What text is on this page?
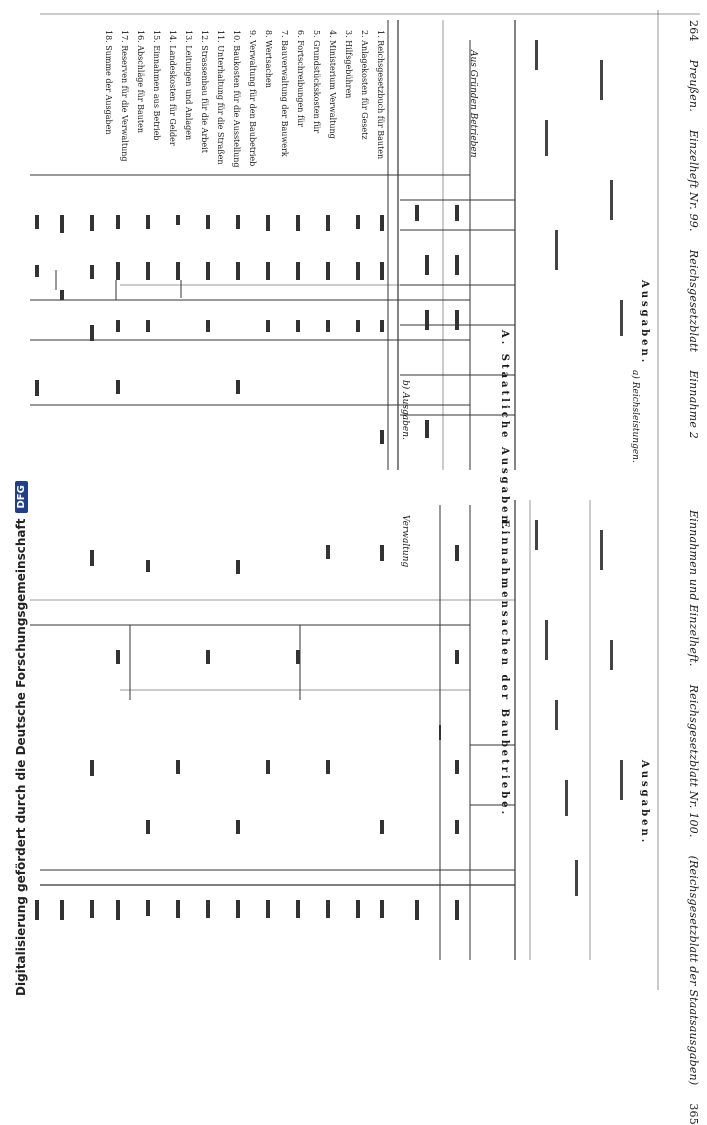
264
Preußen.
Einzelheft Nr. 99.
Reichsgesetzblatt
Einnahme 2
Einnahmen und Einzelheft.
Reichsgesetzblatt Nr. 100.
(Reichsgesetzblatt der Staatsausgaben)
365
Ausgaben.
Ausgaben.
a) Reichsleistungen.
A. Staatliche Ausgaben.
b) Ausgaben.
Einnahmensachen der Baubetriebe.
Verwaltung
Aus Gründen Betrieben
1. Reichsgesetzbuch für Bauten
2. Anlagekosten für Gesetz
3. Hilfsgebühren
4. Ministerium Verwaltung
5. Grundstückskosten für
6. Fortschreibungen für
7. Bauverwaltung der Bauwerk
8. Wertsachen
9. Verwaltung für den Baubetrieb
10. Baukosten für die Ausstellung
11. Unterhaltung für die Straßen
12. Strassenbau für die Arbeit
13. Leitungen und Anlagen
14. Landeskosten für Gelder
15. Einnahmen aus Betrieb
16. Abschläge für Bauten
17. Reserven für die Verwaltung
18. Summe der Ausgaben
Digitalisierung gefördert durch die Deutsche Forschungsgemeinschaft
DFG
